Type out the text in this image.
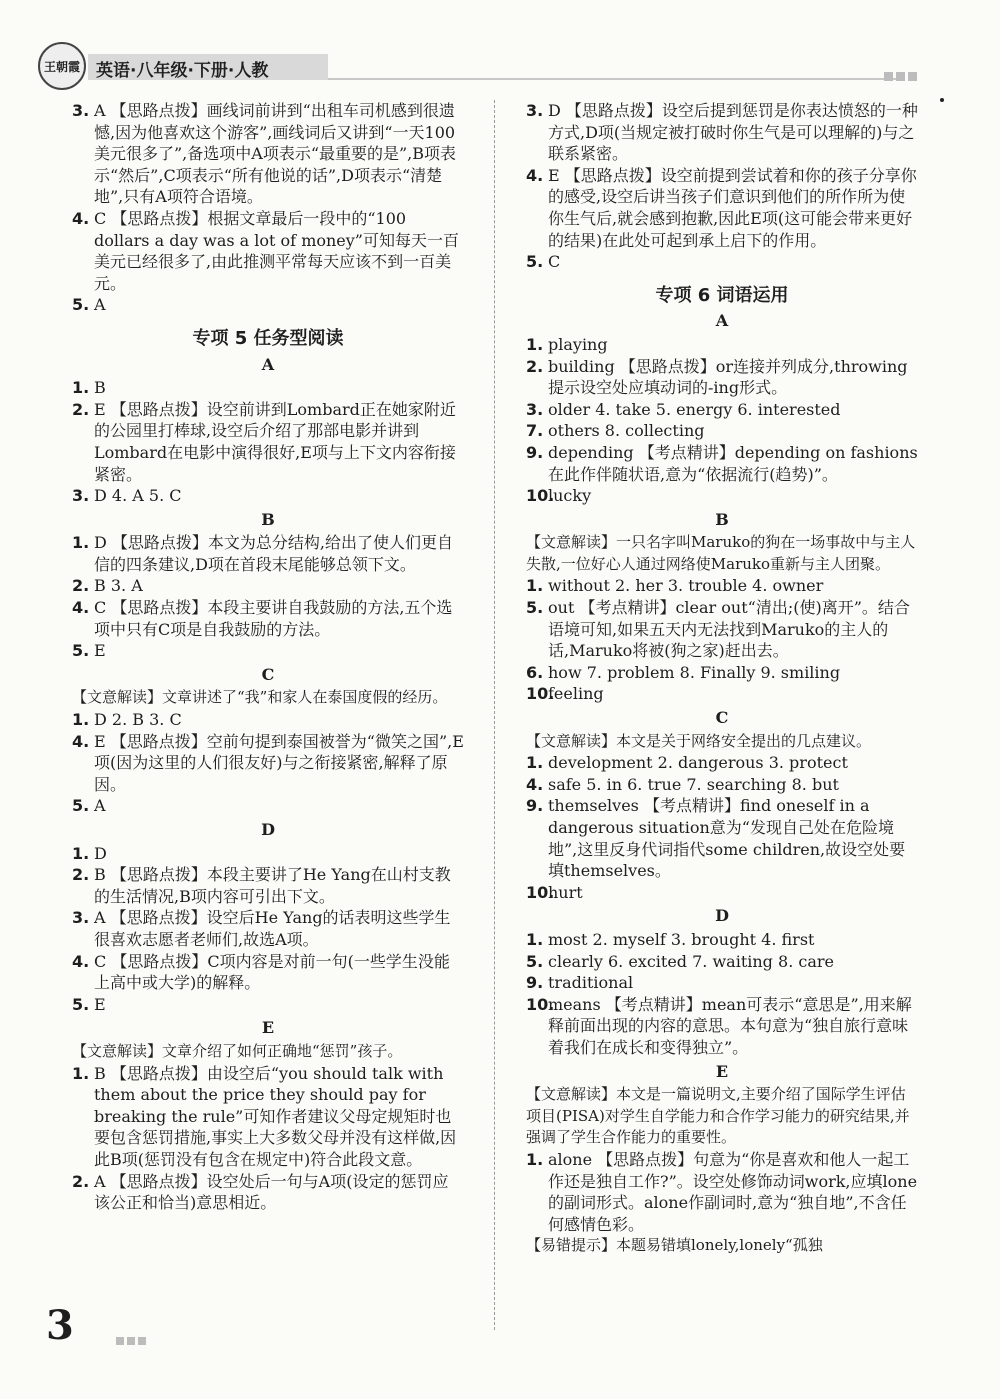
王朝霞 英语·八年级·下册·人教

3. A 【思路点拨】画线词前讲到“出租车司机感到很遗憾,因为他喜欢这个游客”,画线词后又讲到“一天100美元很多了”,备选项中A项表示“最重要的是”,B项表示“然后”,C项表示“所有他说的话”,D项表示“清楚地”,只有A项符合语境。

4. C 【思路点拨】根据文章最后一段中的“100 dollars a day was a lot of money”可知每天一百美元已经很多了,由此推测平常每天应该不到一百美元。

5. A

专项 5 任务型阅读
A

1. B

2. E 【思路点拨】设空前讲到Lombard正在她家附近的公园里打棒球,设空后介绍了那部电影并讲到Lombard在电影中演得很好,E项与上下文内容衔接紧密。

3. D 4. A 5. C

B

1. D 【思路点拨】本文为总分结构,给出了使人们更自信的四条建议,D项在首段末尾能够总领下文。

2. B 3. A

4. C 【思路点拨】本段主要讲自我鼓励的方法,五个选项中只有C项是自我鼓励的方法。

5. E

C
【文意解读】文章讲述了“我”和家人在泰国度假的经历。

1. D 2. B 3. C

4. E 【思路点拨】空前句提到泰国被誉为“微笑之国”,E项(因为这里的人们很友好)与之衔接紧密,解释了原因。

5. A

D

1. D

2. B 【思路点拨】本段主要讲了He Yang在山村支教的生活情况,B项内容可引出下文。

3. A 【思路点拨】设空后He Yang的话表明这些学生很喜欢志愿者老师们,故选A项。

4. C 【思路点拨】C项内容是对前一句(一些学生没能上高中或大学)的解释。

5. E

E
【文意解读】文章介绍了如何正确地“惩罚”孩子。

1. B 【思路点拨】由设空后“you should talk with them about the price they should pay for breaking the rule”可知作者建议父母定规矩时也要包含惩罚措施,事实上大多数父母并没有这样做,因此B项(惩罚没有包含在规定中)符合此段文意。

2. A 【思路点拨】设空处后一句与A项(设定的惩罚应该公正和恰当)意思相近。

3. D 【思路点拨】设空后提到惩罚是你表达愤怒的一种方式,D项(当规定被打破时你生气是可以理解的)与之联系紧密。

4. E 【思路点拨】设空前提到尝试着和你的孩子分享你的感受,设空后讲当孩子们意识到他们的所作所为使你生气后,就会感到抱歉,因此E项(这可能会带来更好的结果)在此处可起到承上启下的作用。

5. C

专项 6 词语运用
A

1. playing

2. building 【思路点拨】or连接并列成分,throwing提示设空处应填动词的-ing形式。

3. older 4. take 5. energy 6. interested

7. others 8. collecting

9. depending 【考点精讲】depending on fashions在此作伴随状语,意为“依据流行(趋势)”。

10.
lucky

B
【文意解读】一只名字叫Maruko的狗在一场事故中与主人失散,一位好心人通过网络使Maruko重新与主人团聚。

1. without 2. her 3. trouble 4. owner

5. out 【考点精讲】clear out“清出;(使)离开”。结合语境可知,如果五天内无法找到Maruko的主人的话,Maruko将被(狗之家)赶出去。

6. how 7. problem 8. Finally 9. smiling

10.
feeling

C
【文意解读】本文是关于网络安全提出的几点建议。

1. development 2. dangerous 3. protect

4. safe 5. in 6. true 7. searching 8. but

9. themselves 【考点精讲】find oneself in a dangerous situation意为“发现自己处在危险境地”,这里反身代词指代some children,故设空处要填themselves。

10.
hurt

D

1. most 2. myself 3. brought 4. first

5. clearly 6. excited 7. waiting 8. care

9. traditional

10.
means 【考点精讲】mean可表示“意思是”,用来解释前面出现的内容的意思。本句意为“独自旅行意味着我们在成长和变得独立”。

E
【文意解读】本文是一篇说明文,主要介绍了国际学生评估项目(PISA)对学生自学能力和合作学习能力的研究结果,并强调了学生合作能力的重要性。

1. alone 【思路点拨】句意为“你是喜欢和他人一起工作还是独自工作?”。设空处修饰动词work,应填lone的副词形式。alone作副词时,意为“独自地”,不含任何感情色彩。

【易错提示】本题易错填lonely,lonely“孤独
3
